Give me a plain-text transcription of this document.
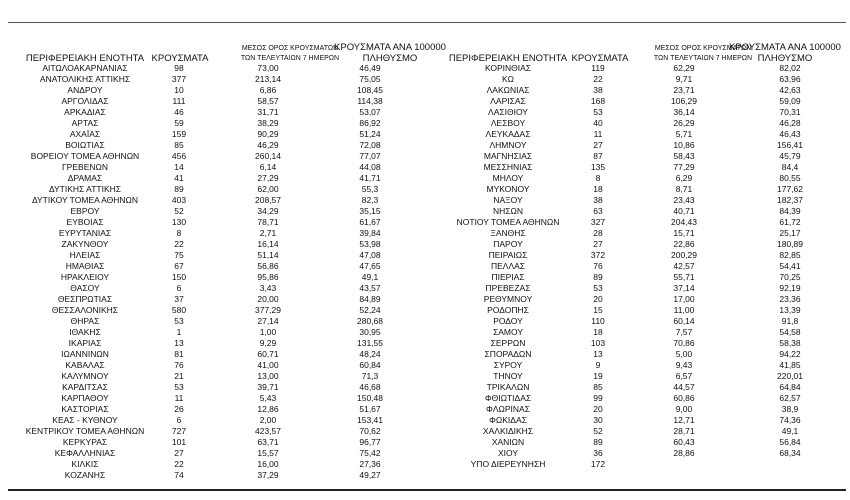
ΠΕΡΙΦΕΡΕΙΑΚΗ ΕΝΟΤΗΤΑ ΚΡΟΥΣΜΑΤΑ
ΜΕΣΟΣ ΟΡΟΣ ΚΡΟΥΣΜΑΤΩΝ
ΤΩΝ ΤΕΛΕΥΤΑΙΩΝ 7 ΗΜΕΡΩΝ
ΚΡΟΥΣΜΑΤΑ ΑΝΑ 100000
ΠΛΗΘΥΣΜΟ	ΠΕΡΙΦΕΡΕΙΑΚΗ ΕΝΟΤΗΤΑ ΚΡΟΥΣΜΑΤΑ
ΜΕΣΟΣ ΟΡΟΣ ΚΡΟΥΣΜΑΤΩΝ
ΤΩΝ ΤΕΛΕΥΤΑΙΩΝ 7 ΗΜΕΡΩΝ
ΚΡΟΥΣΜΑΤΑ ΑΝΑ 100000
ΠΛΗΘΥΣΜΟ
ΑΙΤΩΛΟΑΚΑΡΝΑΝΙΑΣ	98	73,00	46,49
ΑΝΑΤΟΛΙΚΗΣ ΑΤΤΙΚΗΣ	377	213,14	75,05
ΑΝΔΡΟΥ	10	6,86	108,45
ΑΡΓΟΛΙΔΑΣ	111	58,57	114,38
ΑΡΚΑΔΙΑΣ	46	31,71	53,07
ΑΡΤΑΣ	59	38,29	86,92
ΑΧΑΪΑΣ	159	90,29	51,24
ΒΟΙΩΤΙΑΣ	85	46,29	72,08
ΒΟΡΕΙΟΥ ΤΟΜΕΑ ΑΘΗΝΩΝ	456	260,14	77,07
ΓΡΕΒΕΝΩΝ	14	6,14	44,08
ΔΡΑΜΑΣ	41	27,29	41,71
ΔΥΤΙΚΗΣ ΑΤΤΙΚΗΣ	89	62,00	55,3
ΔΥΤΙΚΟΥ ΤΟΜΕΑ ΑΘΗΝΩΝ	403	208,57	82,3
ΕΒΡΟΥ	52	34,29	35,15
ΕΥΒΟΙΑΣ	130	78,71	61,67
ΕΥΡΥΤΑΝΙΑΣ	8	2,71	39,84
ΖΑΚΥΝΘΟΥ	22	16,14	53,98
ΗΛΕΙΑΣ	75	51,14	47,08
ΗΜΑΘΙΑΣ	67	56,86	47,65
ΗΡΑΚΛΕΙΟΥ	150	95,86	49,1
ΘΑΣΟΥ	6	3,43	43,57
ΘΕΣΠΡΩΤΙΑΣ	37	20,00	84,89
ΘΕΣΣΑΛΟΝΙΚΗΣ	580	377,29	52,24
ΘΗΡΑΣ	53	27,14	280,68
ΙΘΑΚΗΣ	1	1,00	30,95
ΙΚΑΡΙΑΣ	13	9,29	131,55
ΙΩΑΝΝΙΝΩΝ	81	60,71	48,24
ΚΑΒΑΛΑΣ	76	41,00	60,84
ΚΑΛΥΜΝΟΥ	21	13,00	71,3
ΚΑΡΔΙΤΣΑΣ	53	39,71	46,68
ΚΑΡΠΑΘΟΥ	11	5,43	150,48
ΚΑΣΤΟΡΙΑΣ	26	12,86	51,67
ΚΕΑΣ - ΚΥΘΝΟΥ	6	2,00	153,41
ΚΕΝΤΡΙΚΟΥ ΤΟΜΕΑ ΑΘΗΝΩΝ	727	423,57	70,62
ΚΕΡΚΥΡΑΣ	101	63,71	96,77
ΚΕΦΑΛΛΗΝΙΑΣ	27	15,57	75,42
ΚΙΛΚΙΣ	22	16,00	27,36
ΚΟΖΑΝΗΣ	74	37,29	49,27
ΚΟΡΙΝΘΙΑΣ	119	62,29	82,02
ΚΩ	22	9,71	63,96
ΛΑΚΩΝΙΑΣ	38	23,71	42,63
ΛΑΡΙΣΑΣ	168	106,29	59,09
ΛΑΣΙΘΙΟΥ	53	36,14	70,31
ΛΕΣΒΟΥ	40	26,29	46,28
ΛΕΥΚΑΔΑΣ	11	5,71	46,43
ΛΗΜΝΟΥ	27	10,86	156,41
ΜΑΓΝΗΣΙΑΣ	87	58,43	45,79
ΜΕΣΣΗΝΙΑΣ	135	77,29	84,4
ΜΗΛΟΥ	8	6,29	80,55
ΜΥΚΟΝΟΥ	18	8,71	177,62
ΝΑΞΟΥ	38	23,43	182,37
ΝΗΣΩΝ	63	40,71	84,39
ΝΟΤΙΟΥ ΤΟΜΕΑ ΑΘΗΝΩΝ	327	204,43	61,72
ΞΑΝΘΗΣ	28	15,71	25,17
ΠΑΡΟΥ	27	22,86	180,89
ΠΕΙΡΑΙΩΣ	372	200,29	82,85
ΠΕΛΛΑΣ	76	42,57	54,41
ΠΙΕΡΙΑΣ	89	55,71	70,25
ΠΡΕΒΕΖΑΣ	53	37,14	92,19
ΡΕΘΥΜΝΟΥ	20	17,00	23,36
ΡΟΔΟΠΗΣ	15	11,00	13,39
ΡΟΔΟΥ	110	60,14	91,8
ΣΑΜΟΥ	18	7,57	54,58
ΣΕΡΡΩΝ	103	70,86	58,38
ΣΠΟΡΑΔΩΝ	13	5,00	94,22
ΣΥΡΟΥ	9	9,43	41,85
ΤΗΝΟΥ	19	6,57	220,01
ΤΡΙΚΑΛΩΝ	85	44,57	64,84
ΦΘΙΩΤΙΔΑΣ	99	60,86	62,57
ΦΛΩΡΙΝΑΣ	20	9,00	38,9
ΦΩΚΙΔΑΣ	30	12,71	74,36
ΧΑΛΚΙΔΙΚΗΣ	52	28,71	49,1
ΧΑΝΙΩΝ	89	60,43	56,84
ΧΙΟΥ	36	28,86	68,34
ΥΠΟ ΔΙΕΡΕΥΝΗΣΗ	172
